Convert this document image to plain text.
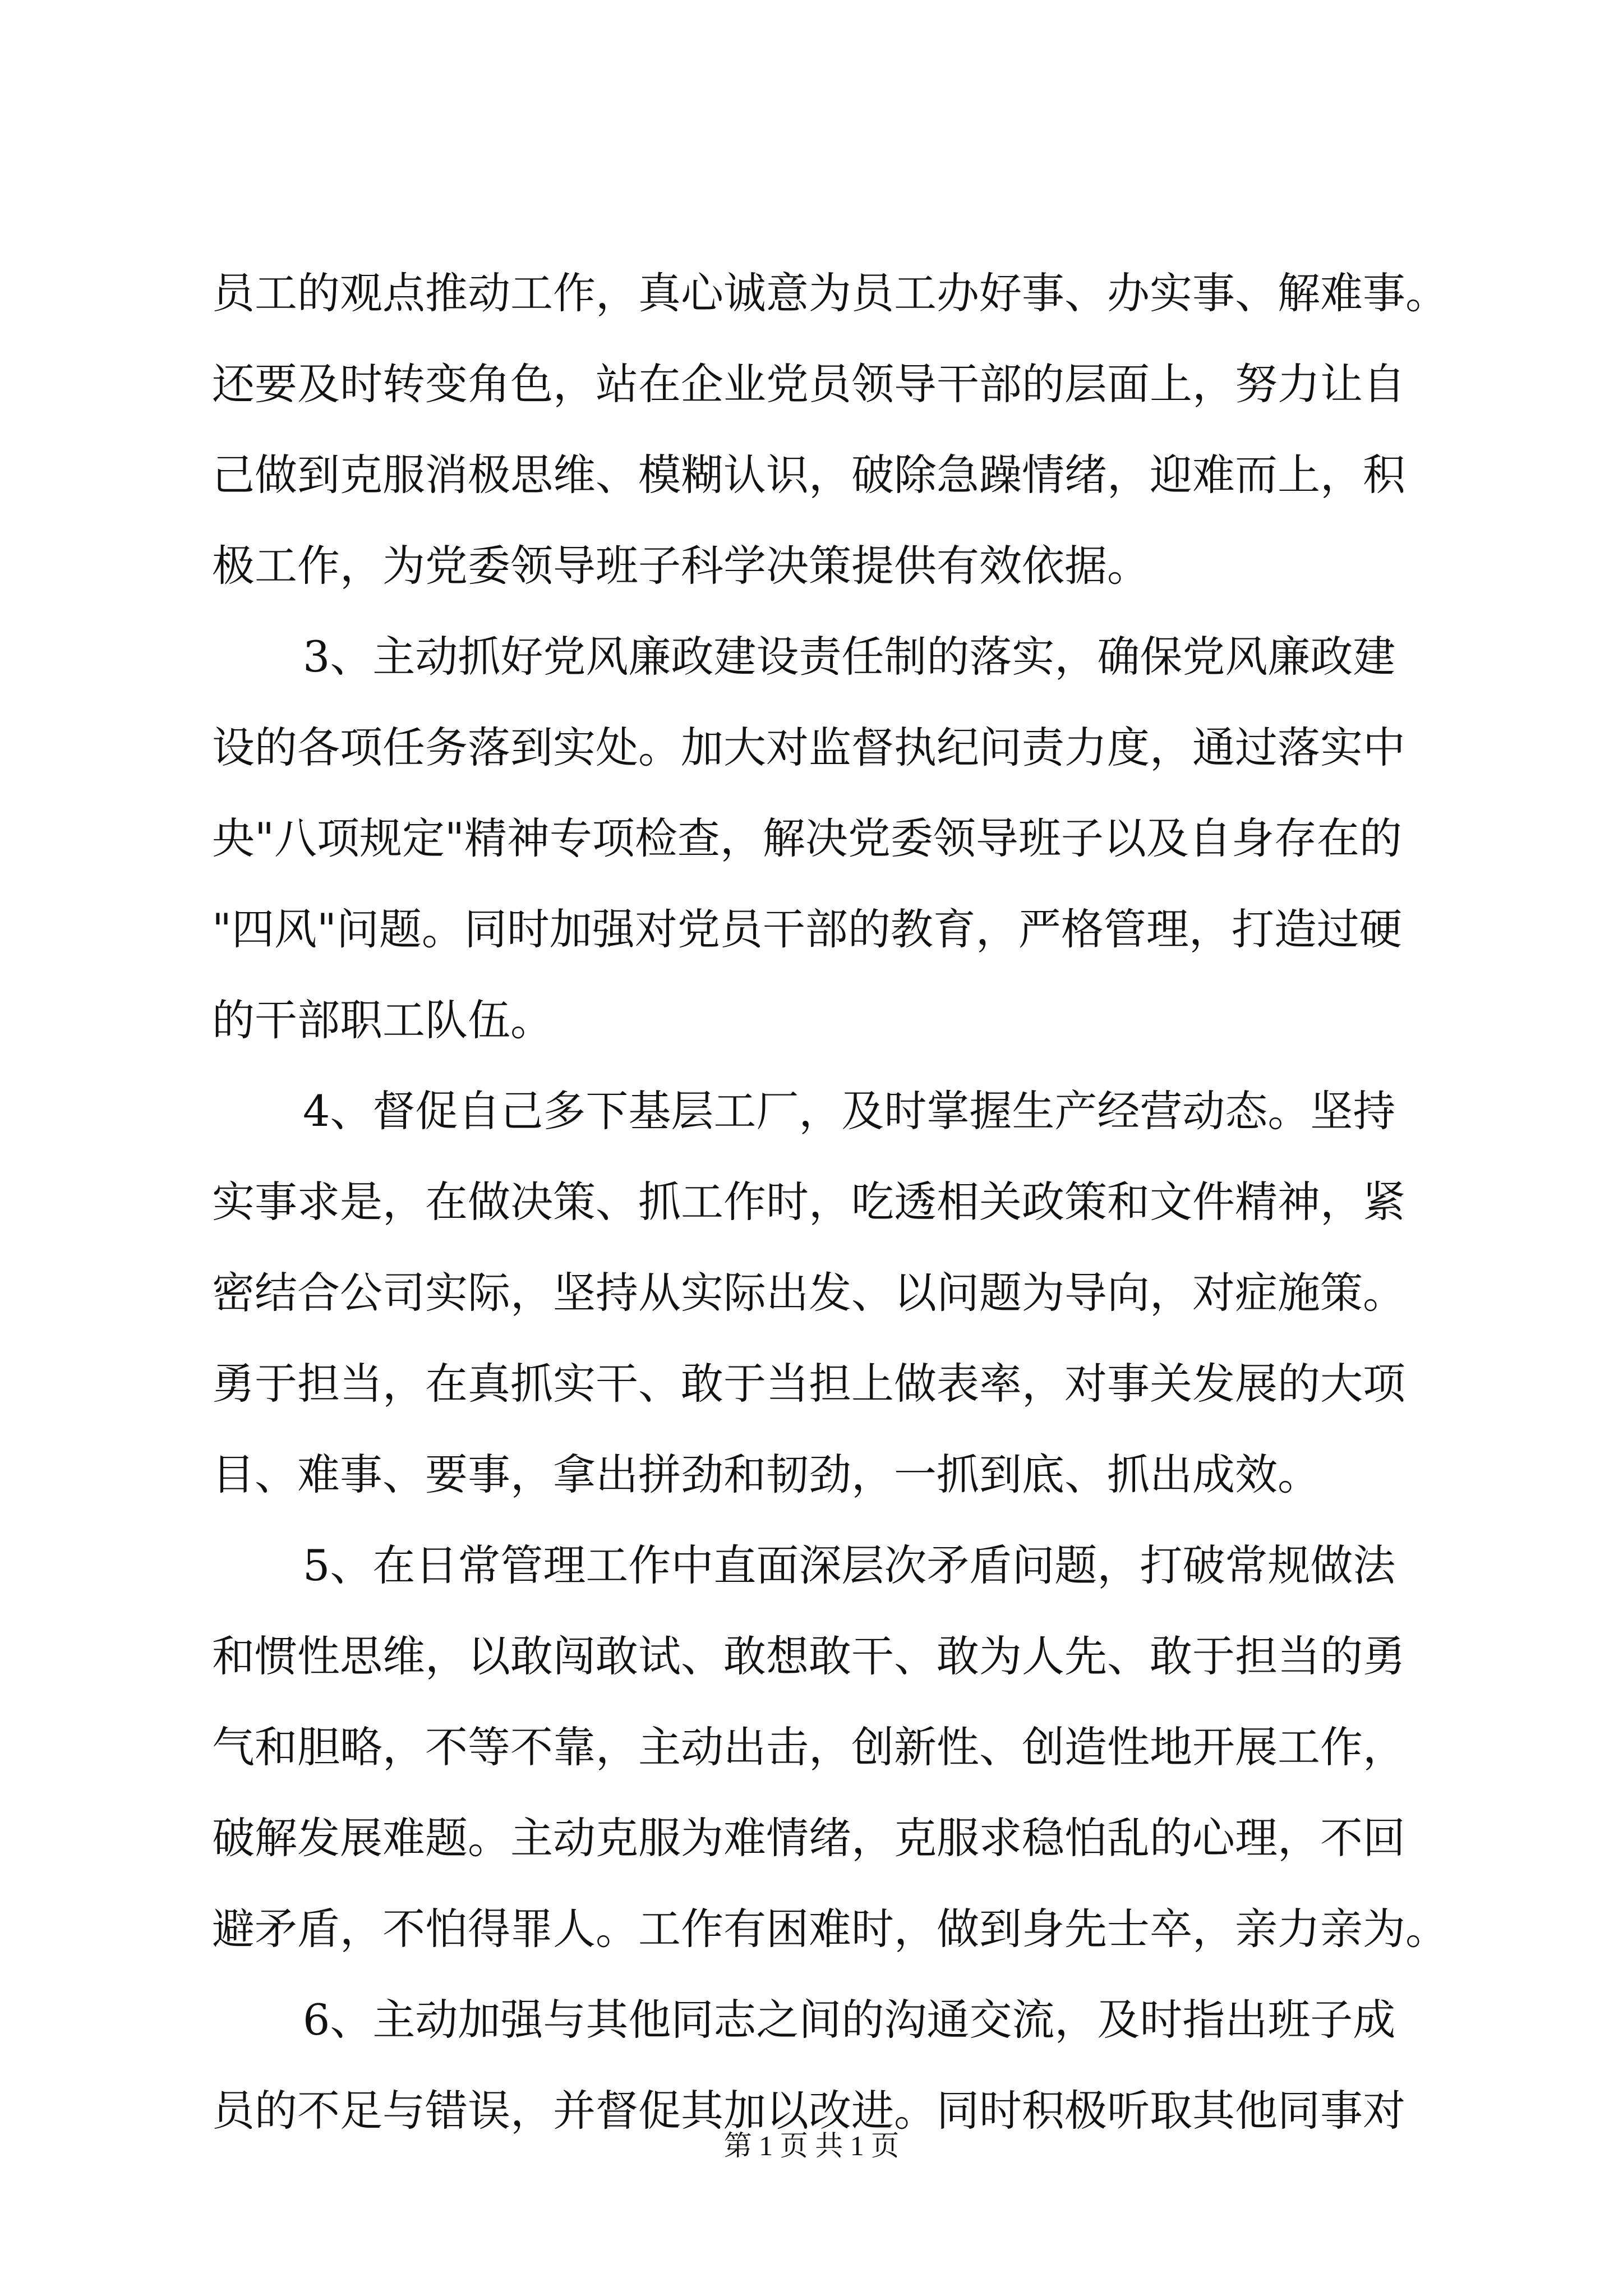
员工的观点推动工作，真心诚意为员工办好事、办实事、解难事。
还要及时转变角色，站在企业党员领导干部的层面上，努力让自
己做到克服消极思维、模糊认识，破除急躁情绪，迎难而上，积
极工作，为党委领导班子科学决策提供有效依据。
3、主动抓好党风廉政建设责任制的落实，确保党风廉政建
设的各项任务落到实处。加大对监督执纪问责力度，通过落实中
央"八项规定"精神专项检查，解决党委领导班子以及自身存在的
"四风"问题。同时加强对党员干部的教育，严格管理，打造过硬
的干部职工队伍。
4、督促自己多下基层工厂，及时掌握生产经营动态。坚持
实事求是，在做决策、抓工作时，吃透相关政策和文件精神，紧
密结合公司实际，坚持从实际出发、以问题为导向，对症施策。
勇于担当，在真抓实干、敢于当担上做表率，对事关发展的大项
目、难事、要事，拿出拼劲和韧劲，一抓到底、抓出成效。
5、在日常管理工作中直面深层次矛盾问题，打破常规做法
和惯性思维，以敢闯敢试、敢想敢干、敢为人先、敢于担当的勇
气和胆略，不等不靠，主动出击，创新性、创造性地开展工作，
破解发展难题。主动克服为难情绪，克服求稳怕乱的心理，不回
避矛盾，不怕得罪人。工作有困难时，做到身先士卒，亲力亲为。
6、主动加强与其他同志之间的沟通交流，及时指出班子成
员的不足与错误，并督促其加以改进。同时积极听取其他同事对
第 1 页 共 1 页
